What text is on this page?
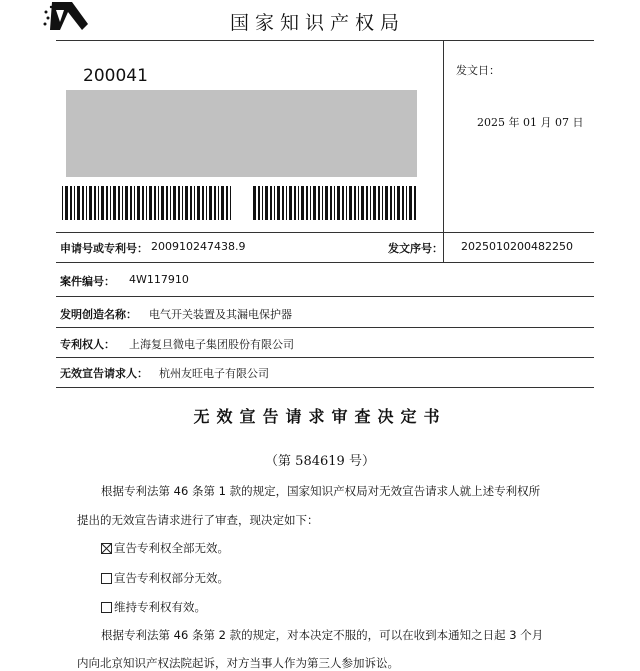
国家知识产权局
200041	发文日：
2025 年 01 月 07 日
申请号或专利号： 200910247438.9	发文序号： 2025010200482250
案件编号： 4W117910
发明创造名称： 电气开关装置及其漏电保护器
专利权人： 上海复旦微电子集团股份有限公司
无效宣告请求人： 杭州友旺电子有限公司
无效宣告请求审查决定书
（第 584619 号）
根据专利法第 46 条第 1 款的规定，国家知识产权局对无效宣告请求人就上述专利权所
提出的无效宣告请求进行了审查，现决定如下：
宣告专利权全部无效。
宣告专利权部分无效。
维持专利权有效。
根据专利法第 46 条第 2 款的规定，对本决定不服的，可以在收到本通知之日起 3 个月
内向北京知识产权法院起诉，对方当事人作为第三人参加诉讼。
